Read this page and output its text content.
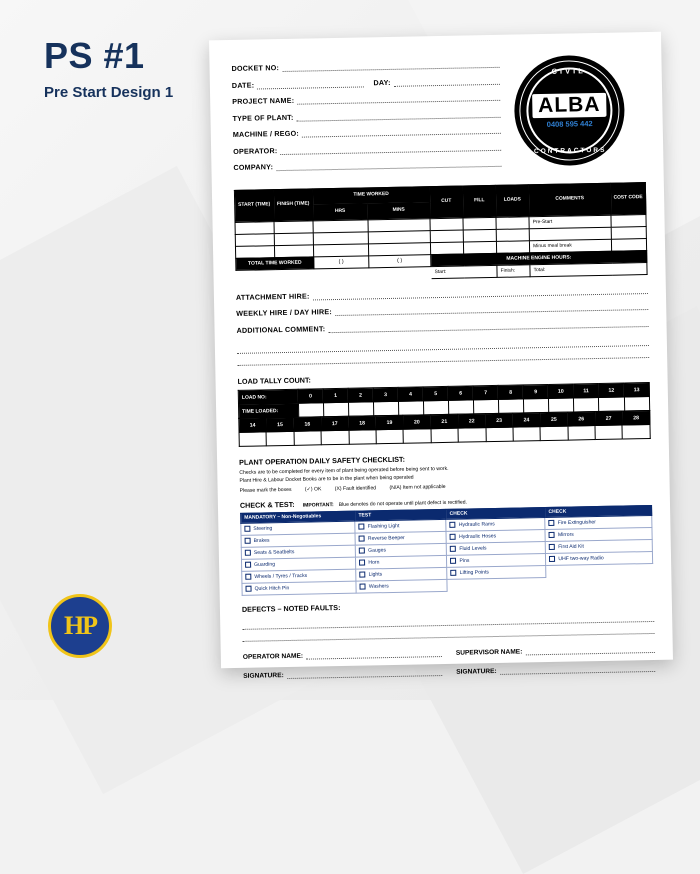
PS #1
Pre Start Design 1
HP
DOCKET NO:
DATE:	DAY:
PROJECT NAME:
TYPE OF PLANT:
MACHINE / REGO:
OPERATOR:
COMPANY:
CIVIL
ALBA
0408 595 442
CONTRACTORS
START (TIME)	FINISH (TIME)	TIME WORKED		CUT	FILL	LOADS	COMMENTS	COST CODE
		HRS	MINS					
							Pre-Start	

							Minus meal break	
TOTAL TIME WORKED		( )	( )	MACHINE ENGINE HOURS:				
				Start:		Finish:	Total:	
ATTACHMENT HIRE:
WEEKLY HIRE / DAY HIRE:
ADDITIONAL COMMENT:
LOAD TALLY COUNT:
LOAD NO:	0	1	2	3	4	5	6	7	8	9	10	11	12	13
TIME LOADED:														
14	15	16	17	18	19	20	21	22	23	24	25	26	27	28

PLANT OPERATION DAILY SAFETY CHECKLIST:
Checks are to be completed for every item of plant being operated before being sent to work.
Plant Hire & Labour Docket Books are to be in the plant when being operated
Please mark the boxes	(✓) OK	(X) Fault identified	(N/A) Item not applicable
CHECK & TEST: IMPORTANT: Blue denotes do not operate until plant defect is rectified.
MANDATORY – Non-Negotiables	TEST	CHECK	CHECK
Steering	Flashing Light	Hydraulic Rams	Fire Extinguisher
Brakes	Reverse Beeper	Hydraulic Hoses	Mirrors
Seats & Seatbelts	Gauges	Fluid Levels	First Aid Kit
Guarding	Horn	Pins	UHF two-way Radio
Wheels / Tyres / Tracks	Lights	Lifting Points	
Quick Hitch Pin	Washers		
DEFECTS – NOTED FAULTS:
OPERATOR NAME:
SUPERVISOR NAME:
SIGNATURE:
SIGNATURE:
